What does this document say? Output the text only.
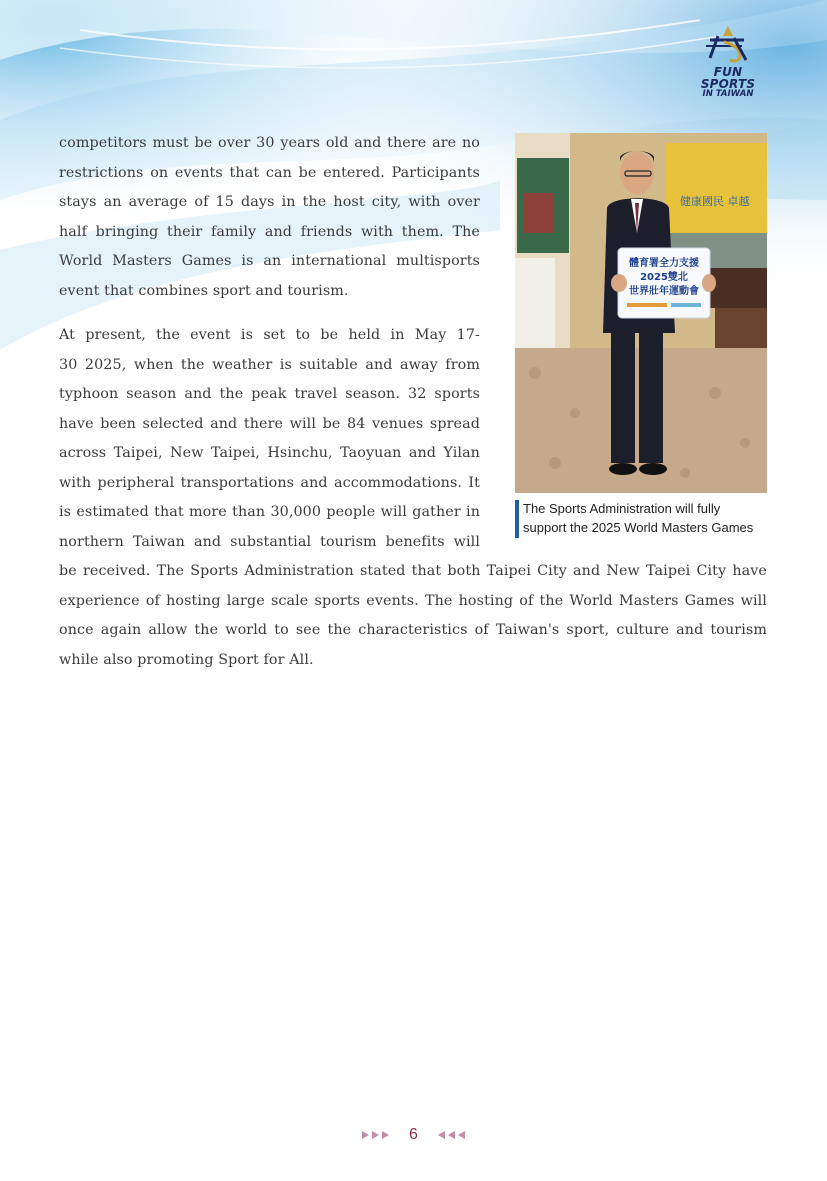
FUN SPORTS
IN TAIWAN

competitors must be over 30 years old and there are no
restrictions on events that can be entered. Participants
stays an average of 15 days in the host city, with over
half bringing their family and friends with them. The
World Masters Games is an international multisports
event that combines sport and tourism.

At present, the event is set to be held in May 17-
30 2025, when the weather is suitable and away from
typhoon season and the peak travel season. 32 sports
have been selected and there will be 84 venues spread
across Taipei, New Taipei, Hsinchu, Taoyuan and Yilan
with peripheral transportations and accommodations. It
is estimated that more than 30,000 people will gather in
northern Taiwan and substantial tourism benefits will

be received. The Sports Administration stated that both Taipei City and New Taipei City have
experience of hosting large scale sports events. The hosting of the World Masters Games will
once again allow the world to see the characteristics of Taiwan's sport, culture and tourism
while also promoting Sport for All.

健康國民 卓越
體育署全力支援
2025雙北
世界壯年運動會
The Sports Administration will fully
support the 2025 World Masters Games
6
